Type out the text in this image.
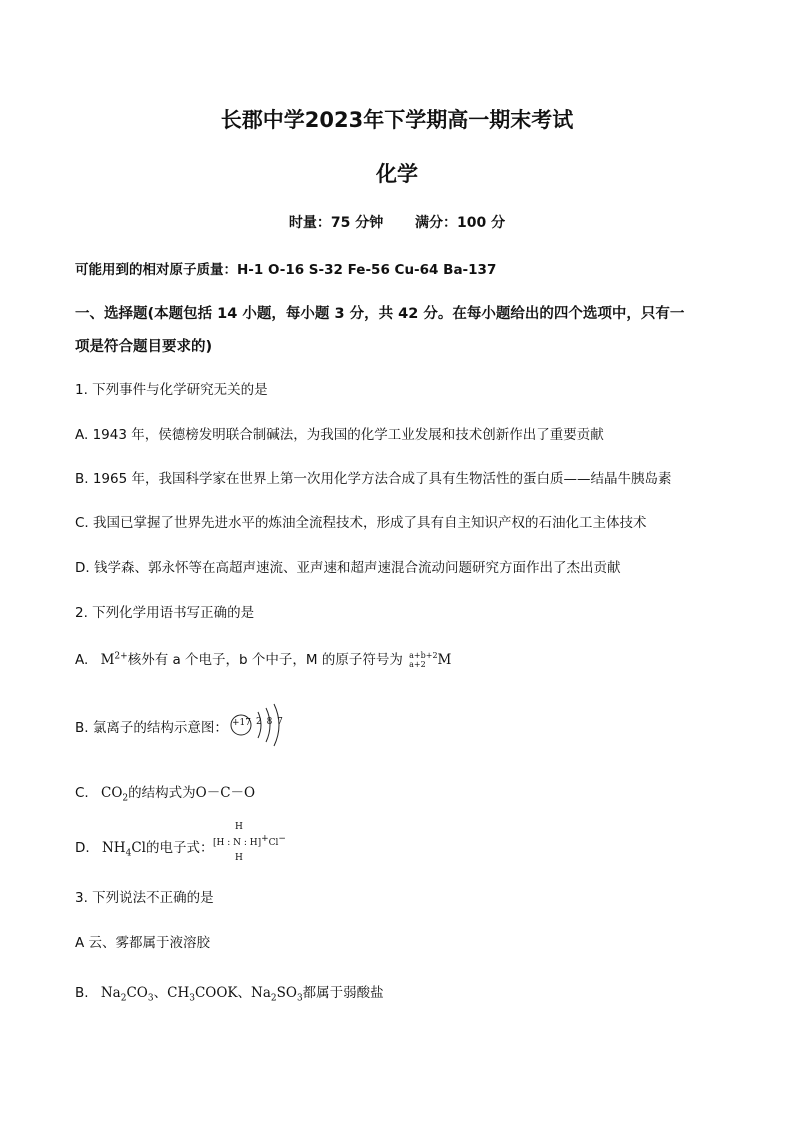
长郡中学2023年下学期高一期末考试
化学
时量：75 分钟 满分：100 分
可能用到的相对原子质量：H-1 O-16 S-32 Fe-56 Cu-64 Ba-137
一、选择题(本题包括 14 小题，每小题 3 分，共 42 分。在每小题给出的四个选项中，只有一
项是符合题目要求的)
1. 下列事件与化学研究无关的是
A. 1943 年，侯德榜发明联合制碱法，为我国的化学工业发展和技术创新作出了重要贡献
B. 1965 年，我国科学家在世界上第一次用化学方法合成了具有生物活性的蛋白质——结晶牛胰岛素
C. 我国已掌握了世界先进水平的炼油全流程技术，形成了具有自主知识产权的石油化工主体技术
D. 钱学森、郭永怀等在高超声速流、亚声速和超声速混合流动问题研究方面作出了杰出贡献
2. 下列化学用语书写正确的是
A. $M^{2+}$核外有 a 个电子，b 个中子，M 的原子符号为 a+b+2
a+2 M
B. 氯离子的结构示意图： +17 2 8 7
C. $CO_2$的结构式为O－C－O
D. $NH_4Cl$的电子式：
H
[H : N : H]+Cl−
H
3. 下列说法不正确的是
A 云、雾都属于液溶胶
B. $Na_2CO_3$、$CH_3COOK$、$Na_2SO_3$都属于弱酸盐
